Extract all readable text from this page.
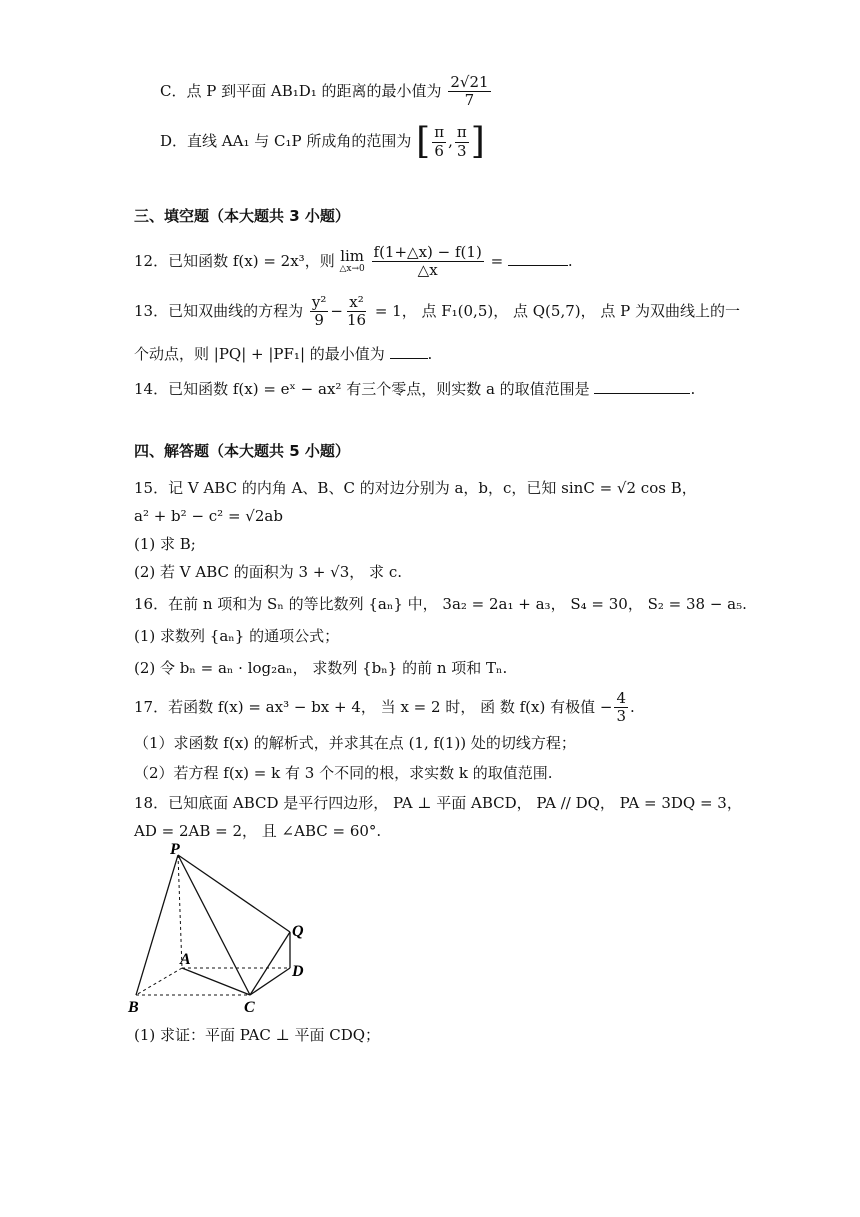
C．点 P 到平面 AB₁D₁ 的距离的最小值为 $\frac{2√21}{7}$
D．直线 AA₁ 与 C₁P 所成角的范围为 [ $\frac{\pi}{6}$ , $\frac{\pi}{3}$ ]
三、填空题（本大题共 3 小题）
12．已知函数 f(x) = 2x³，则 lim
△x→0
$\frac{f(1+\triangle x) - f(1)}{\triangle x}$ =	.
13．已知双曲线的方程为 $\frac{\text{y²}}{9} - \frac{\text{x²}}{16} = 1$， 点 F₁(0,5)， 点 Q(5,7)， 点 P 为双曲线上的一
个动点，则 |PQ| + |PF₁| 的最小值为	.
14．已知函数 f(x) = eˣ − ax² 有三个零点，则实数 a 的取值范围是	.
四、解答题（本大题共 5 小题）
15．记 V ABC 的内角 A、B、C 的对边分别为 a，b，c，已知 sinC = √2 cos B，
a² + b² − c² = √2ab
(1) 求 B;
(2) 若 V ABC 的面积为 3 + √3， 求 c.
16．在前 n 项和为 Sₙ 的等比数列 {aₙ} 中， 3a₂ = 2a₁ + a₃， S₄ = 30， S₂ = 38 − a₅.
(1) 求数列 {aₙ} 的通项公式；
(2) 令 bₙ = aₙ · log₂aₙ， 求数列 {bₙ} 的前 n 项和 Tₙ.
17．若函数 f(x) = ax³ − bx + 4， 当 x = 2 时， 函 数 f(x) 有极值 − $\frac{4}{3}$ .
（1）求函数 f(x) 的解析式，并求其在点 (1, f(1)) 处的切线方程；
（2）若方程 f(x) = k 有 3 个不同的根，求实数 k 的取值范围.
18．已知底面 ABCD 是平行四边形， PA ⊥ 平面 ABCD， PA // DQ， PA = 3DQ = 3，
AD = 2AB = 2， 且 ∠ABC = 60°.
P
Q
A
D
B	C
(1) 求证：平面 PAC ⊥ 平面 CDQ；
